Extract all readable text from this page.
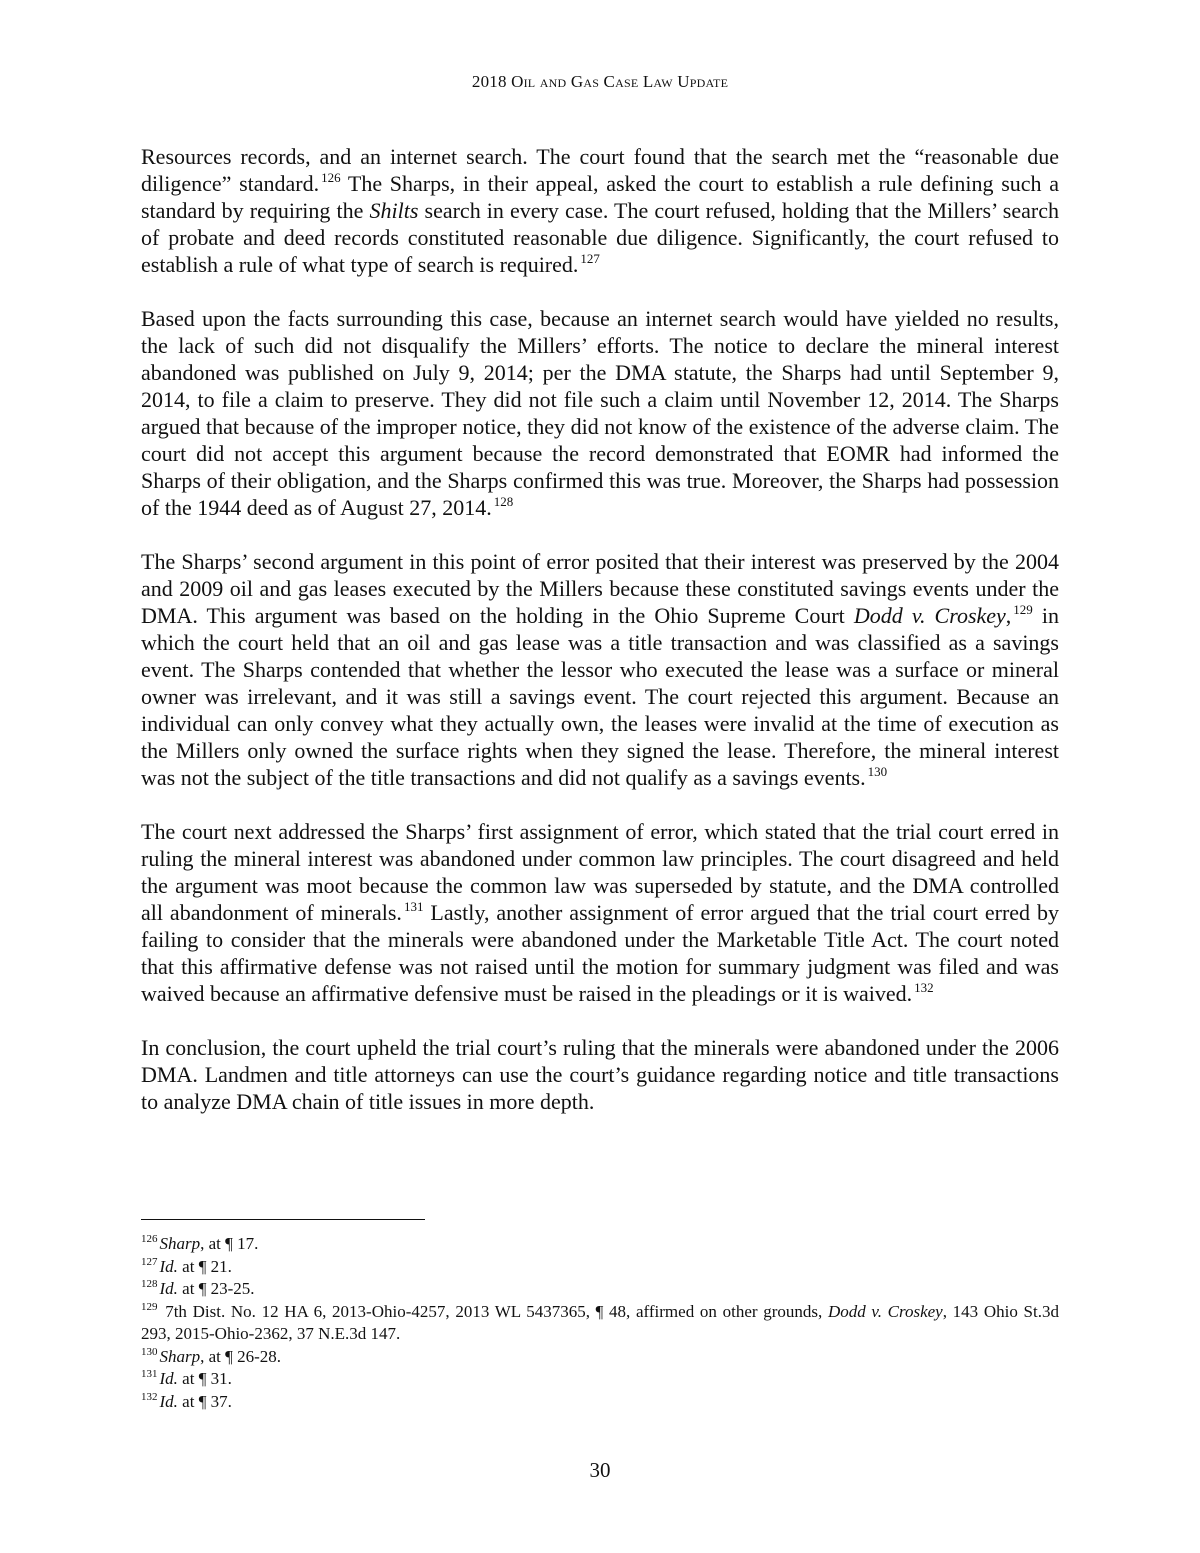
2018 Oil and Gas Case Law Update

Resources records, and an internet search. The court found that the search met the “reasonable due diligence” standard. $^{126}$ The Sharps, in their appeal, asked the court to establish a rule defining such a standard by requiring the Shilts search in every case. The court refused, holding that the Millers’ search of probate and deed records constituted reasonable due diligence. Significantly, the court refused to establish a rule of what type of search is required. $^{127}$

Based upon the facts surrounding this case, because an internet search would have yielded no results, the lack of such did not disqualify the Millers’ efforts. The notice to declare the mineral interest abandoned was published on July 9, 2014; per the DMA statute, the Sharps had until September 9, 2014, to file a claim to preserve. They did not file such a claim until November 12, 2014. The Sharps argued that because of the improper notice, they did not know of the existence of the adverse claim. The court did not accept this argument because the record demonstrated that EOMR had informed the Sharps of their obligation, and the Sharps confirmed this was true. Moreover, the Sharps had possession of the 1944 deed as of August 27, 2014. $^{128}$

The Sharps’ second argument in this point of error posited that their interest was preserved by the 2004 and 2009 oil and gas leases executed by the Millers because these constituted savings events under the DMA. This argument was based on the holding in the Ohio Supreme Court Dodd v. Croskey, $^{129}$ in which the court held that an oil and gas lease was a title transaction and was classified as a savings event. The Sharps contended that whether the lessor who executed the lease was a surface or mineral owner was irrelevant, and it was still a savings event. The court rejected this argument. Because an individual can only convey what they actually own, the leases were invalid at the time of execution as the Millers only owned the surface rights when they signed the lease. Therefore, the mineral interest was not the subject of the title transactions and did not qualify as a savings events. $^{130}$

The court next addressed the Sharps’ first assignment of error, which stated that the trial court erred in ruling the mineral interest was abandoned under common law principles. The court disagreed and held the argument was moot because the common law was superseded by statute, and the DMA controlled all abandonment of minerals. $^{131}$ Lastly, another assignment of error argued that the trial court erred by failing to consider that the minerals were abandoned under the Marketable Title Act. The court noted that this affirmative defense was not raised until the motion for summary judgment was filed and was waived because an affirmative defensive must be raised in the pleadings or it is waived. $^{132}$

In conclusion, the court upheld the trial court’s ruling that the minerals were abandoned under the 2006 DMA. Landmen and title attorneys can use the court’s guidance regarding notice and title transactions to analyze DMA chain of title issues in more depth.

$^{126}$ Sharp, at ¶ 17.

$^{127}$ Id. at ¶ 21.

$^{128}$ Id. at ¶ 23-25.

$^{129}$ 7th Dist. No. 12 HA 6, 2013-Ohio-4257, 2013 WL 5437365, ¶ 48, affirmed on other grounds, Dodd v. Croskey, 143 Ohio St.3d 293, 2015-Ohio-2362, 37 N.E.3d 147.

$^{130}$ Sharp, at ¶ 26-28.

$^{131}$ Id. at ¶ 31.

$^{132}$ Id. at ¶ 37.

30
